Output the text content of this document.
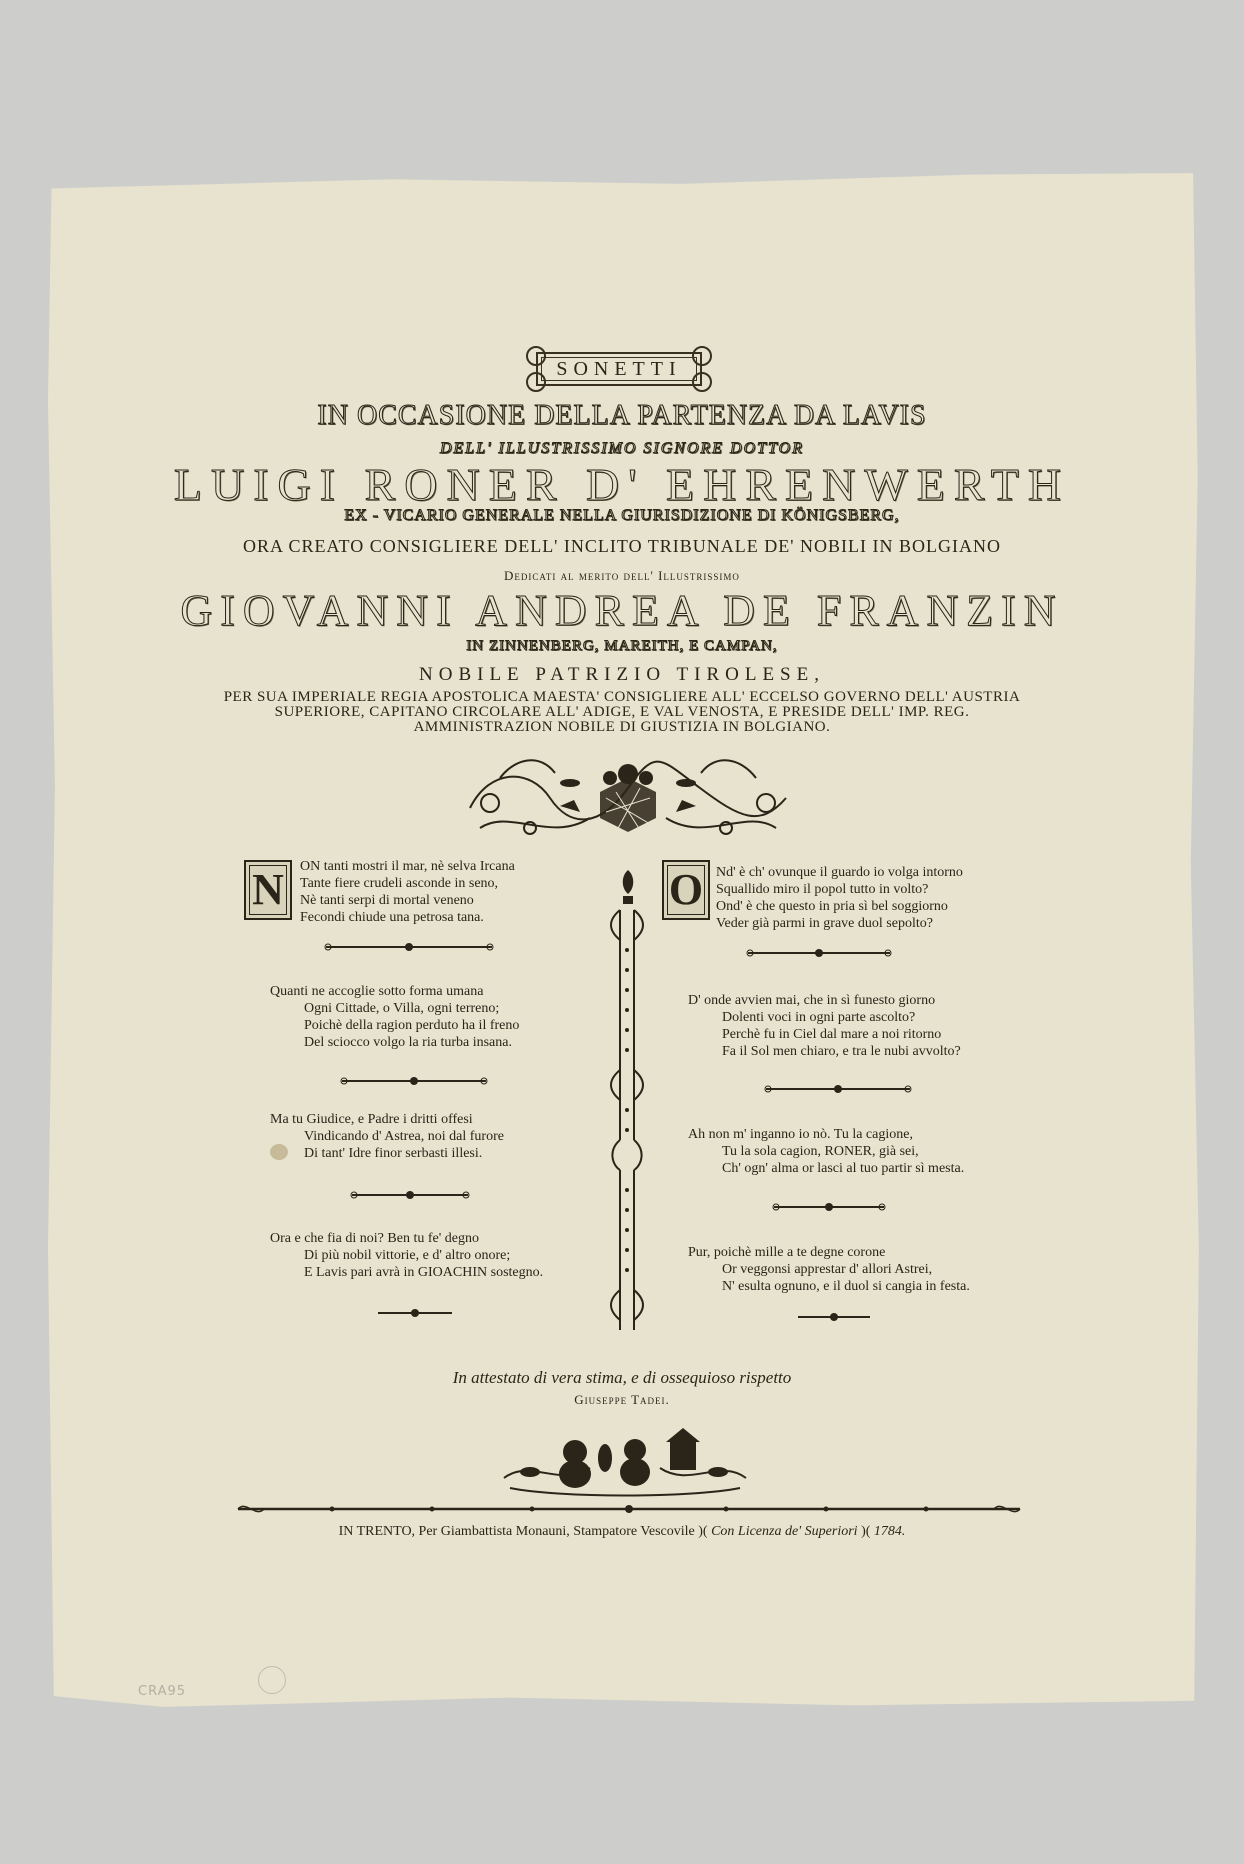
SONETTI
IN OCCASIONE DELLA PARTENZA DA LAVIS
DELL' ILLUSTRISSIMO SIGNORE DOTTOR
LUIGI RONER D' EHRENWERTH
EX - VICARIO GENERALE NELLA GIURISDIZIONE DI KÖNIGSBERG,
ORA CREATO CONSIGLIERE DELL' INCLITO TRIBUNALE DE' NOBILI IN BOLGIANO
Dedicati al merito dell' Illustrissimo
GIOVANNI ANDREA DE FRANZIN
IN ZINNENBERG, MAREITH, E CAMPAN,
NOBILE PATRIZIO TIROLESE,
PER SUA IMPERIALE REGIA APOSTOLICA MAESTA' CONSIGLIERE ALL' ECCELSO GOVERNO DELL' AUSTRIA
SUPERIORE, CAPITANO CIRCOLARE ALL' ADIGE, E VAL VENOSTA, E PRESIDE DELL' IMP. REG.
AMMINISTRAZION NOBILE DI GIUSTIZIA IN BOLGIANO.
N	ON tanti mostri il mar, nè selva Ircana
Tante fiere crudeli asconde in seno,
Nè tanti serpi di mortal veneno
Fecondi chiude una petrosa tana.
Quanti ne accoglie sotto forma umana
Ogni Cittade, o Villa, ogni terreno;
Poichè della ragion perduto ha il freno
Del sciocco volgo la ria turba insana.
Ma tu Giudice, e Padre i dritti offesi
Vindicando d' Astrea, noi dal furore
Di tant' Idre finor serbasti illesi.
Ora e che fia di noi? Ben tu fe' degno
Di più nobil vittorie, e d' altro onore;
E Lavis pari avrà in GIOACHIN sostegno.
O Nd' è ch' ovunque il guardo io volga intorno
Squallido miro il popol tutto in volto?
Ond' è che questo in pria sì bel soggiorno
Veder già parmi in grave duol sepolto?
D' onde avvien mai, che in sì funesto giorno
Dolenti voci in ogni parte ascolto?
Perchè fu in Ciel dal mare a noi ritorno
Fa il Sol men chiaro, e tra le nubi avvolto?
Ah non m' inganno io nò. Tu la cagione,
Tu la sola cagion, RONER, già sei,
Ch' ogn' alma or lasci al tuo partir sì mesta.
Pur, poichè mille a te degne corone
Or veggonsi apprestar d' allori Astrei,
N' esulta ognuno, e il duol si cangia in festa.
In attestato di vera stima, e di ossequioso rispetto
Giuseppe Tadei.
IN TRENTO, Per Giambattista Monauni, Stampatore Vescovile )( Con Licenza de' Superiori )( 1784.
CRA95
